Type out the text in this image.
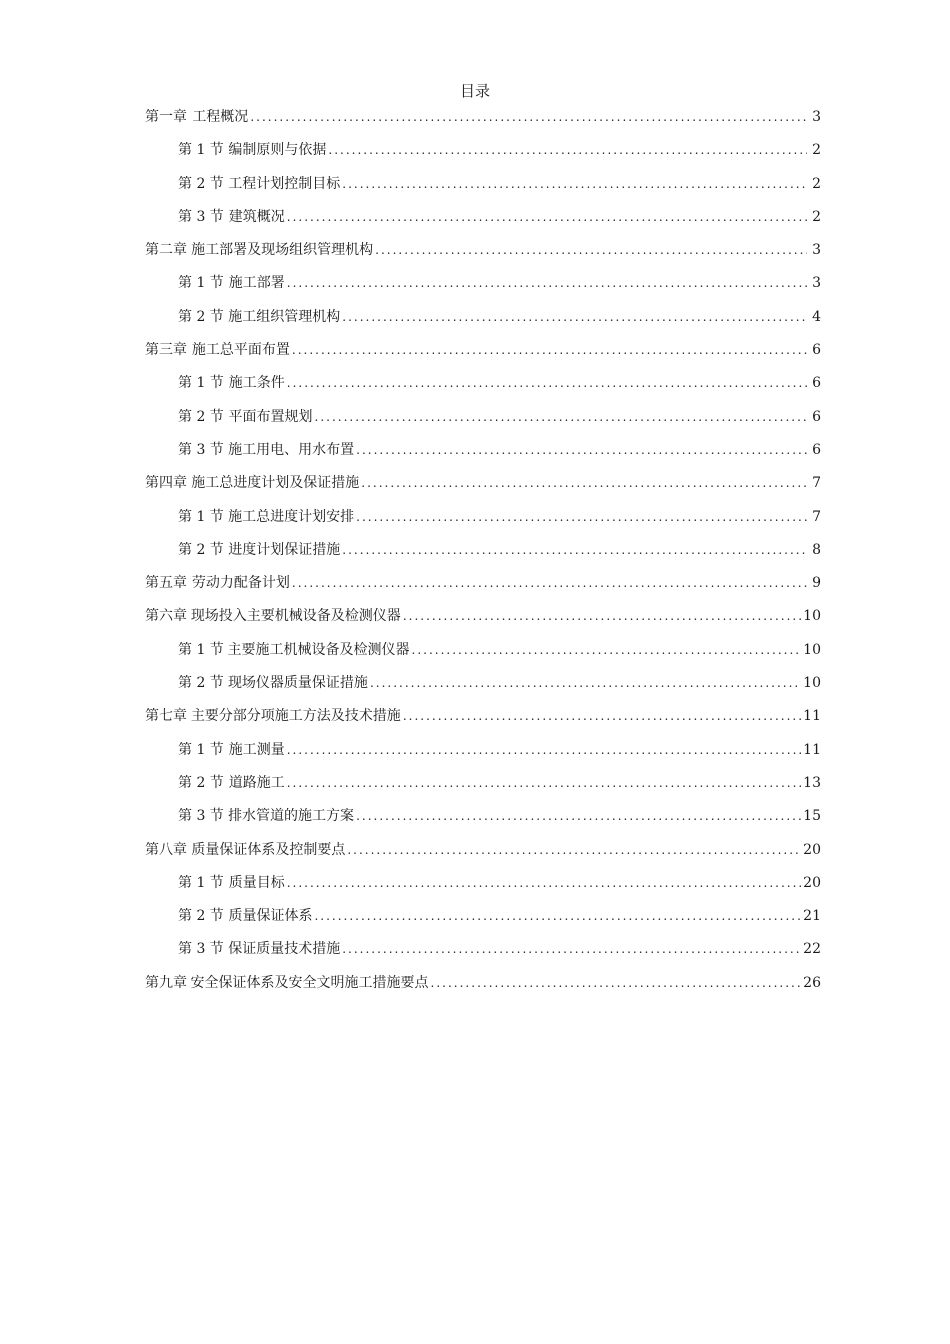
目录
第一章 工程概况 .....	3
第 1 节 编制原则与依据 .....	2
第 2 节 工程计划控制目标 .....	2
第 3 节 建筑概况 .....	2
第二章 施工部署及现场组织管理机构 .....	3
第 1 节 施工部署 .....	3
第 2 节 施工组织管理机构 .....	4
第三章 施工总平面布置 .....	6
第 1 节 施工条件 .....	6
第 2 节 平面布置规划 .....	6
第 3 节 施工用电、用水布置 .....	6
第四章 施工总进度计划及保证措施 .....	7
第 1 节 施工总进度计划安排 .....	7
第 2 节 进度计划保证措施 .....	8
第五章 劳动力配备计划 .....	9
第六章 现场投入主要机械设备及检测仪器 .....	10
第 1 节 主要施工机械设备及检测仪器 .....	10
第 2 节 现场仪器质量保证措施 .....	10
第七章 主要分部分项施工方法及技术措施 .....	11
第 1 节 施工测量 .....	11
第 2 节 道路施工 .....	13
第 3 节 排水管道的施工方案 .....	15
第八章 质量保证体系及控制要点 .....	20
第 1 节 质量目标 .....	20
第 2 节 质量保证体系 .....	21
第 3 节 保证质量技术措施 .....	22
第九章 安全保证体系及安全文明施工措施要点 .....	26
